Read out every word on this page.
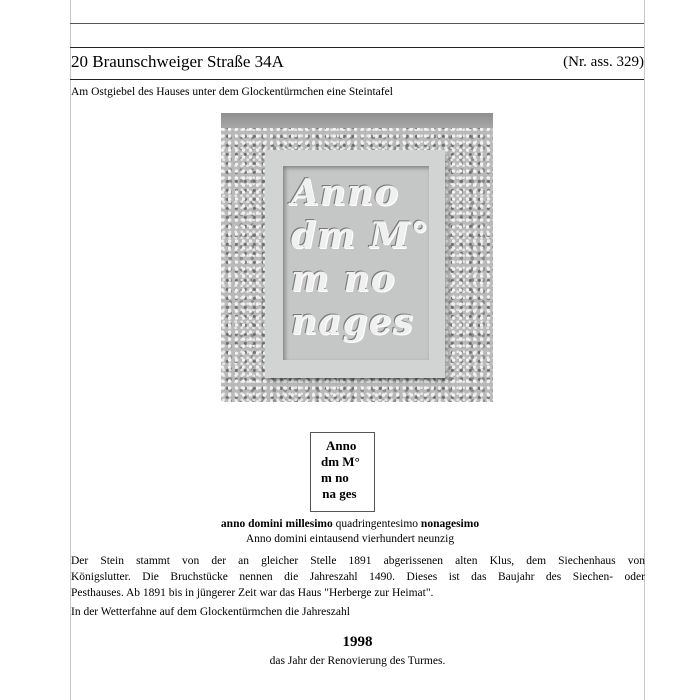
20 Braunschweiger Straße 34A	(Nr. ass. 329)
Am Ostgiebel des Hauses unter dem Glockentürmchen eine Steintafel
Anno
dm M°
m no
nages
Anno
dm M°
m no
na ges
anno domini millesimo quadringentesimo nonagesimo
Anno domini eintausend vierhundert neunzig
Der Stein stammt von der an gleicher Stelle 1891 abgerissenen alten Klus, dem Siechenhaus von
Königslutter. Die Bruchstücke nennen die Jahreszahl 1490. Dieses ist das Baujahr des Siechen- oder
Pesthauses. Ab 1891 bis in jüngerer Zeit war das Haus "Herberge zur Heimat".
In der Wetterfahne auf dem Glockentürmchen die Jahreszahl
1998
das Jahr der Renovierung des Turmes.
